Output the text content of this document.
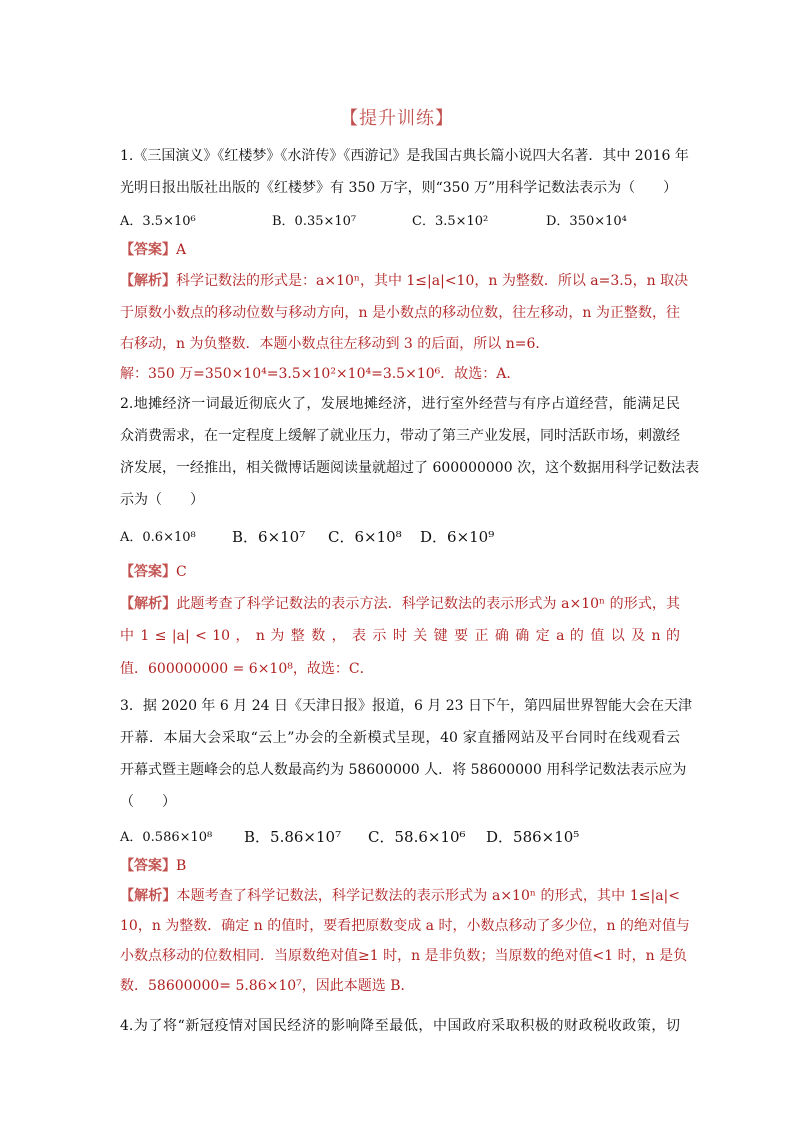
【提升训练】
1.《三国演义》《红楼梦》《水浒传》《西游记》是我国古典长篇小说四大名著．其中 2016 年
光明日报出版社出版的《红楼梦》有 350 万字，则“350 万”用科学记数法表示为（　　）
A．3.5×10⁶	B．0.35×10⁷	C．3.5×10²	D．350×10⁴
【答案】A
【解析】科学记数法的形式是：a×10ⁿ，其中 1≤|a|<10，n 为整数．所以 a=3.5，n 取决
于原数小数点的移动位数与移动方向，n 是小数点的移动位数，往左移动，n 为正整数，往
右移动，n 为负整数．本题小数点往左移动到 3 的后面，所以 n=6．
解：350 万=350×10⁴=3.5×10²×10⁴=3.5×10⁶．故选：A．
2.地摊经济一词最近彻底火了，发展地摊经济，进行室外经营与有序占道经营，能满足民
众消费需求，在一定程度上缓解了就业压力，带动了第三产业发展，同时活跃市场，刺激经
济发展，一经推出，相关微博话题阅读量就超过了 600000000 次，这个数据用科学记数法表
示为（　　）
A．0.6×10⁸ B．6×10⁷ C．6×10⁸ D．6×10⁹
【答案】C
【解析】此题考查了科学记数法的表示方法．科学记数法的表示形式为 a×10ⁿ 的形式，其
中 1 ≤ |a| < 10 ， n 为 整 数 ， 表 示 时 关 键 要 正 确 确 定 a 的 值 以 及 n 的
值．600000000 = 6×10⁸，故选：C．
3．据 2020 年 6 月 24 日《天津日报》报道，6 月 23 日下午，第四届世界智能大会在天津
开幕．本届大会采取“云上”办会的全新模式呈现，40 家直播网站及平台同时在线观看云
开幕式暨主题峰会的总人数最高约为 58600000 人．将 58600000 用科学记数法表示应为
（　　）
A．0.586×10⁸ B．5.86×10⁷ C．58.6×10⁶ D．586×10⁵
【答案】B
【解析】本题考查了科学记数法，科学记数法的表示形式为 a×10ⁿ 的形式，其中 1≤|a|<
10，n 为整数．确定 n 的值时，要看把原数变成 a 时，小数点移动了多少位，n 的绝对值与
小数点移动的位数相同．当原数绝对值≥1 时，n 是非负数；当原数的绝对值<1 时，n 是负
数．58600000= 5.86×10⁷，因此本题选 B．
4.为了将“新冠疫情对国民经济的影响降至最低，中国政府采取积极的财政税收政策，切
